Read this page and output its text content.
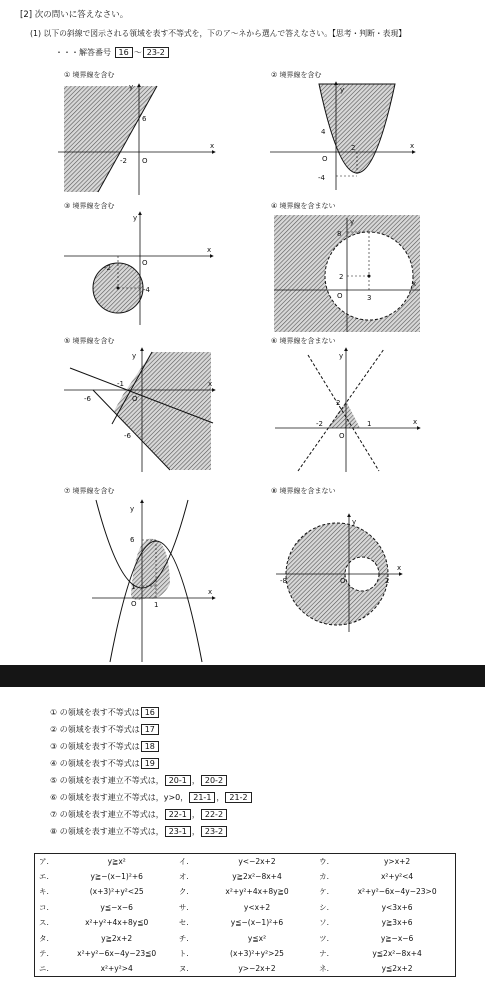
[2] 次の問いに答えなさい。
(1) 以下の斜線で図示される領域を表す不等式を，下のア〜ネから選んで答えなさい。【思考・判断・表現】
・・・解答番号 16 〜 23-2
① 境界線を含む
y
x
6
-2 O
② 境界線を含む
y
x
4
O
-4
2
③ 境界線を含む
y
x
-2
O
-4
④ 境界線を含まない
y
x
8
2
O	3
⑤ 境界線を含む
y
x
-1
-6	O
-6
⑥ 境界線を含まない
y
x
2
-2
O
1
⑦ 境界線を含む
y
x
6
1
O 1
⑧ 境界線を含まない
y
x
-8	O	2
① の領域を表す不等式は 16
② の領域を表す不等式は 17
③ の領域を表す不等式は 18
④ の領域を表す不等式は 19
⑤ の領域を表す連立不等式は， 20-1 ， 20-2
⑥ の領域を表す連立不等式は，y>0， 21-1 ， 21-2
⑦ の領域を表す連立不等式は， 22-1 ， 22-2
⑧ の領域を表す連立不等式は， 23-1 ， 23-2
ア.	y≧x²	イ.	y<−2x+2	ウ.	y>x+2
エ.	y≧−(x−1)²+6	オ.	y≧2x²−8x+4	カ.	x²+y²<4
キ.	(x+3)²+y²<25	ク.	x²+y²+4x+8y≧0	ケ.	x²+y²−6x−4y−23>0
コ.	y≦−x−6	サ.	y<x+2	シ.	y<3x+6
ス.	x²+y²+4x+8y≦0	セ.	y≦−(x−1)²+6	ソ.	y≧3x+6
タ.	y≧2x+2	チ.	y≦x²	ツ.	y≧−x−6
テ.	x²+y²−6x−4y−23≦0	ト.	(x+3)²+y²>25	ナ.	y≦2x²−8x+4
ニ.	x²+y²>4	ヌ.	y>−2x+2	ネ.	y≦2x+2
